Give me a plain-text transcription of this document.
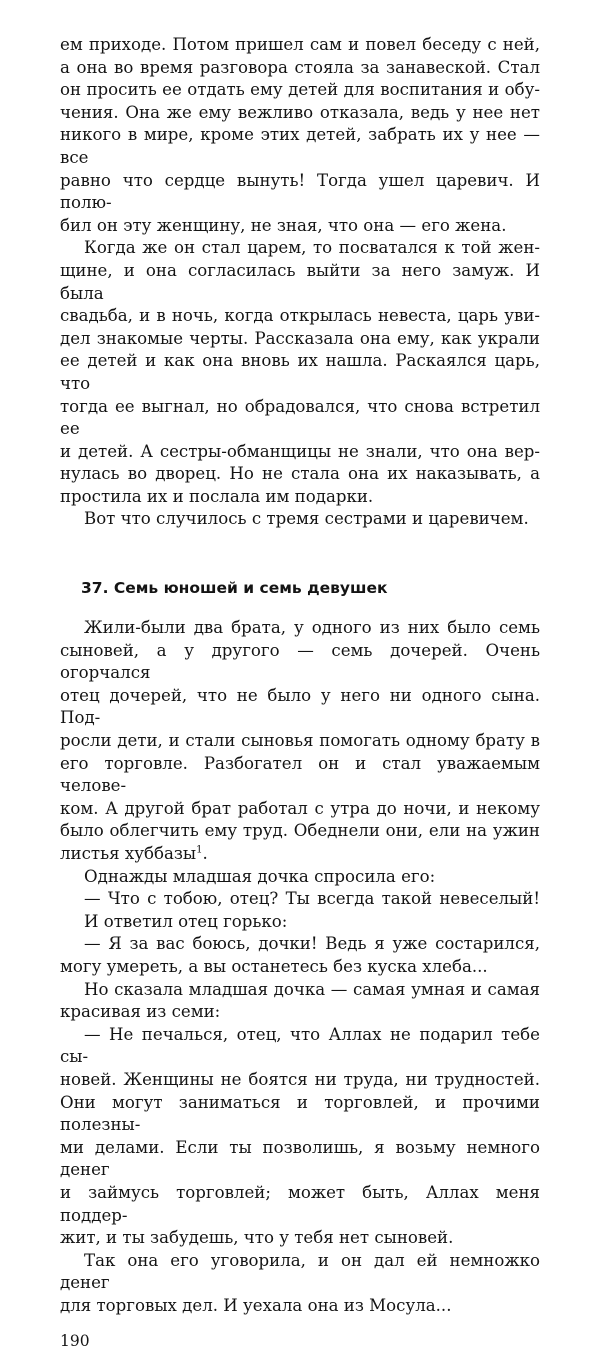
ем приходе. Потом пришел сам и повел беседу с ней,

а она во время разговора стояла за занавеской. Стал

он просить ее отдать ему детей для воспитания и обу-

чения. Она же ему вежливо отказала, ведь у нее нет

никого в мире, кроме этих детей, забрать их у нее — все

равно что сердце вынуть! Тогда ушел царевич. И полю-

бил он эту женщину, не зная, что она — его жена.

Когда же он стал царем, то посватался к той жен-

щине, и она согласилась выйти за него замуж. И была

свадьба, и в ночь, когда открылась невеста, царь уви-

дел знакомые черты. Рассказала она ему, как украли

ее детей и как она вновь их нашла. Раскаялся царь, что

тогда ее выгнал, но обрадовался, что снова встретил ее

и детей. А сестры-обманщицы не знали, что она вер-

нулась во дворец. Но не стала она их наказывать, а

простила их и послала им подарки.

Вот что случилось с тремя сестрами и царевичем.

37. Семь юношей и семь девушек

Жили-были два брата, у одного из них было семь

сыновей, а у другого — семь дочерей. Очень огорчался

отец дочерей, что не было у него ни одного сына. Под-

росли дети, и стали сыновья помогать одному брату в

его торговле. Разбогател он и стал уважаемым челове-

ком. А другой брат работал с утра до ночи, и некому

было облегчить ему труд. Обеднели они, ели на ужин

листья хуббазы$^1$.

Однажды младшая дочка спросила его:

— Что с тобою, отец? Ты всегда такой невеселый!

И ответил отец горько:

— Я за вас боюсь, дочки! Ведь я уже состарился,

могу умереть, а вы останетесь без куска хлеба...

Но сказала младшая дочка — самая умная и самая

красивая из семи:

— Не печалься, отец, что Аллах не подарил тебе сы-

новей. Женщины не боятся ни труда, ни трудностей.

Они могут заниматься и торговлей, и прочими полезны-

ми делами. Если ты позволишь, я возьму немного денег

и займусь торговлей; может быть, Аллах меня поддер-

жит, и ты забудешь, что у тебя нет сыновей.

Так она его уговорила, и он дал ей немножко денег

для торговых дел. И уехала она из Мосула...

190
